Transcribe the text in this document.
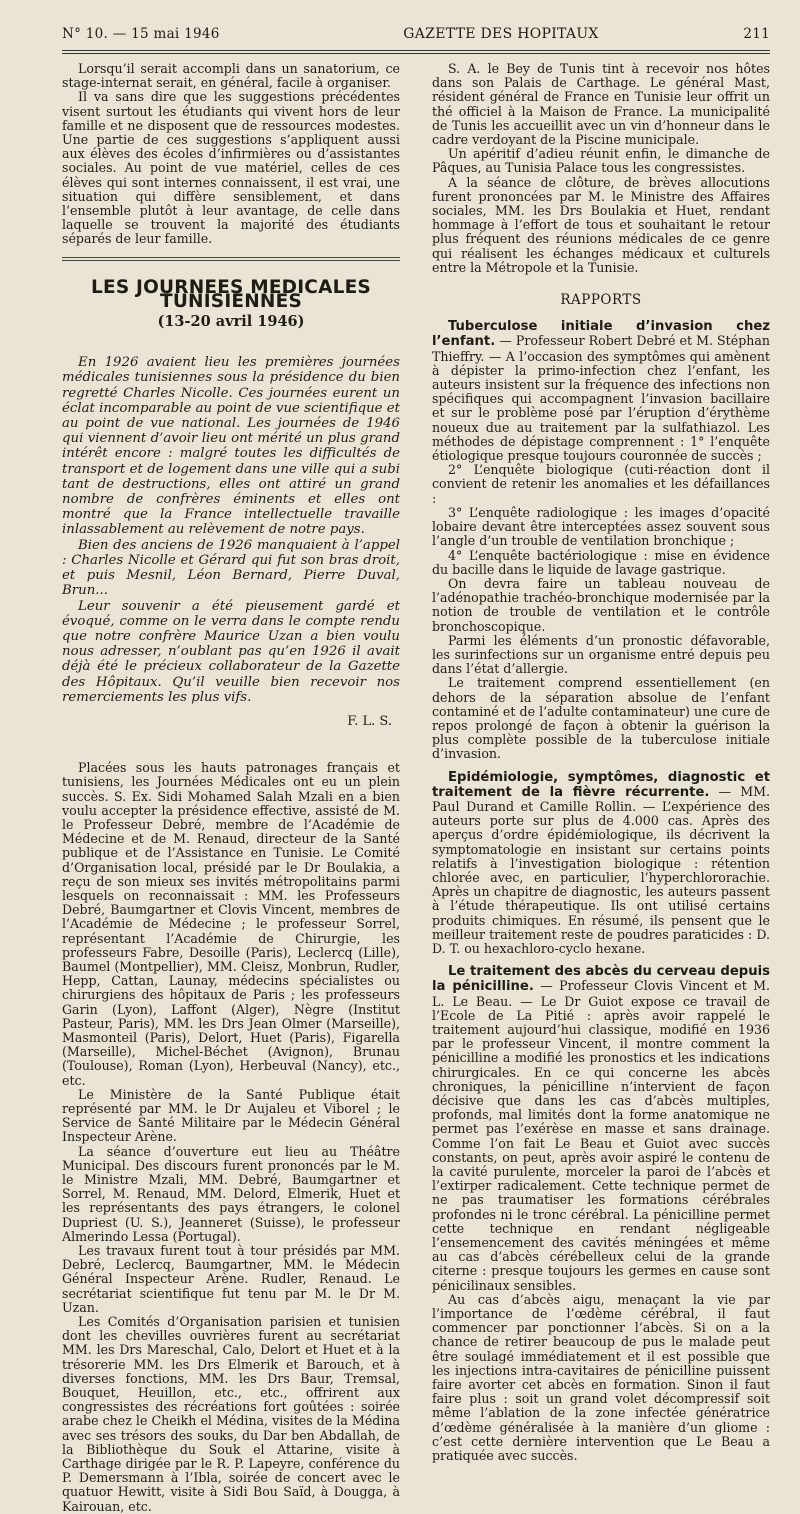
N° 10. — 15 mai 1946	GAZETTE DES HOPITAUX	211

Lorsqu’il serait accompli dans un sanatorium, ce stage-internat serait, en général, facile à organiser.

Il va sans dire que les suggestions précédentes visent surtout les étudiants qui vivent hors de leur famille et ne disposent que de ressources modestes. Une partie de ces suggestions s’appliquent aussi aux élèves des écoles d’infirmières ou d’assistantes sociales. Au point de vue matériel, celles de ces élèves qui sont internes connaissent, il est vrai, une situation qui diffère sensiblement, et dans l’ensemble plutôt à leur avantage, de celle dans laquelle se trouvent la majorité des étudiants séparés de leur famille.

LES JOURNEES MEDICALES TUNISIENNES
(13-20 avril 1946)

En 1926 avaient lieu les premières journées médicales tunisiennes sous la présidence du bien regretté Charles Nicolle. Ces journées eurent un éclat incomparable au point de vue scientifique et au point de vue national. Les journées de 1946 qui viennent d’avoir lieu ont mérité un plus grand intérêt encore : malgré toutes les difficultés de transport et de logement dans une ville qui a subi tant de destructions, elles ont attiré un grand nombre de confrères éminents et elles ont montré que la France intellectuelle travaille inlassablement au relèvement de notre pays.

Bien des anciens de 1926 manquaient à l’appel : Charles Nicolle et Gérard qui fut son bras droit, et puis Mesnil, Léon Bernard, Pierre Duval, Brun...

Leur souvenir a été pieusement gardé et évoqué, comme on le verra dans le compte rendu que notre confrère Maurice Uzan a bien voulu nous adresser, n’oublant pas qu’en 1926 il avait déjà été le précieux collaborateur de la Gazette des Hôpitaux. Qu’il veuille bien recevoir nos remerciements les plus vifs.

F. L. S.

Placées sous les hauts patronages français et tunisiens, les Journées Médicales ont eu un plein succès. S. Ex. Sidi Mohamed Salah Mzali en a bien voulu accepter la présidence effective, assisté de M. le Professeur Debré, membre de l’Académie de Médecine et de M. Renaud, directeur de la Santé publique et de l’Assistance en Tunisie. Le Comité d’Organisation local, présidé par le Dr Boulakia, a reçu de son mieux ses invités métropolitains parmi lesquels on reconnaissait : MM. les Professeurs Debré, Baumgartner et Clovis Vincent, membres de l’Académie de Médecine ; le professeur Sorrel, représentant l’Académie de Chirurgie, les professeurs Fabre, Desoille (Paris), Leclercq (Lille), Baumel (Montpellier), MM. Cleisz, Monbrun, Rudler, Hepp, Cattan, Launay, médecins spécialistes ou chirurgiens des hôpitaux de Paris ; les professeurs Garin (Lyon), Laffont (Alger), Nègre (Institut Pasteur, Paris), MM. les Drs Jean Olmer (Marseille), Masmonteil (Paris), Delort, Huet (Paris), Figarella (Marseille), Michel-Béchet (Avignon), Brunau (Toulouse), Roman (Lyon), Herbeuval (Nancy), etc., etc.

Le Ministère de la Santé Publique était représenté par MM. le Dr Aujaleu et Viborel ; le Service de Santé Militaire par le Médecin Général Inspecteur Arène.

La séance d’ouverture eut lieu au Théâtre Municipal. Des discours furent prononcés par le M. le Ministre Mzali, MM. Debré, Baumgartner et Sorrel, M. Renaud, MM. Delord, Elmerik, Huet et les représentants des pays étrangers, le colonel Dupriest (U. S.), Jeanneret (Suisse), le professeur Almerindo Lessa (Portugal).

Les travaux furent tout à tour présidés par MM. Debré, Leclercq, Baumgartner, MM. le Médecin Général Inspecteur Arène. Rudler, Renaud. Le secrétariat scientifique fut tenu par M. le Dr M. Uzan.

Les Comités d’Organisation parisien et tunisien dont les chevilles ouvrières furent au secrétariat MM. les Drs Mareschal, Calo, Delort et Huet et à la trésorerie MM. les Drs Elmerik et Barouch, et à diverses fonctions, MM. les Drs Baur, Tremsal, Bouquet, Heuillon, etc., etc., offrirent aux congressistes des récréations fort goûtées : soirée arabe chez le Cheikh el Médina, visites de la Médina avec ses trésors des souks, du Dar ben Abdallah, de la Bibliothèque du Souk el Attarine, visite à Carthage dirigée par le R. P. Lapeyre, conférence du P. Demersmann à l’Ibla, soirée de concert avec le quatuor Hewitt, visite à Sidi Bou Saïd, à Dougga, à Kairouan, etc.

S. A. le Bey de Tunis tint à recevoir nos hôtes dans son Palais de Carthage. Le général Mast, résident général de France en Tunisie leur offrit un thé officiel à la Maison de France. La municipalité de Tunis les accueillit avec un vin d’honneur dans le cadre verdoyant de la Piscine municipale.

Un apéritif d’adieu réunit enfin, le dimanche de Pâques, au Tunisia Palace tous les congressistes.

A la séance de clôture, de brèves allocutions furent prononcées par M. le Ministre des Affaires sociales, MM. les Drs Boulakia et Huet, rendant hommage à l’effort de tous et souhaitant le retour plus fréquent des réunions médicales de ce genre qui réalisent les échanges médicaux et culturels entre la Métropole et la Tunisie.

RAPPORTS

Tuberculose initiale d’invasion chez l’enfant. — Professeur Robert Debré et M. Stéphan Thieffry. — A l’occasion des symptômes qui amènent à dépister la primo-infection chez l’enfant, les auteurs insistent sur la fréquence des infections non spécifiques qui accompagnent l’invasion bacillaire et sur le problème posé par l’éruption d’érythème noueux due au traitement par la sulfathiazol. Les méthodes de dépistage comprennent : 1° l’enquête étiologique presque toujours couronnée de succès ;

2° L’enquête biologique (cuti-réaction dont il convient de retenir les anomalies et les défaillances :

3° L’enquête radiologique : les images d’opacité lobaire devant être interceptées assez souvent sous l’angle d’un trouble de ventilation bronchique ;

4° L’enquête bactériologique : mise en évidence du bacille dans le liquide de lavage gastrique.

On devra faire un tableau nouveau de l’adénopathie trachéo-bronchique modernisée par la notion de trouble de ventilation et le contrôle bronchoscopique.

Parmi les éléments d’un pronostic défavorable, les surinfections sur un organisme entré depuis peu dans l’état d’allergie.

Le traitement comprend essentiellement (en dehors de la séparation absolue de l’enfant contaminé et de l’adulte contaminateur) une cure de repos prolongé de façon à obtenir la guérison la plus complète possible de la tuberculose initiale d’invasion.

Epidémiologie, symptômes, diagnostic et traitement de la fièvre récurrente. — MM. Paul Durand et Camille Rollin. — L’expérience des auteurs porte sur plus de 4.000 cas. Après des aperçus d’ordre épidémiologique, ils décrivent la symptomatologie en insistant sur certains points relatifs à l’investigation biologique : rétention chlorée avec, en particulier, l’hyperchlororachie. Après un chapitre de diagnostic, les auteurs passent à l’étude thérapeutique. Ils ont utilisé certains produits chimiques. En résumé, ils pensent que le meilleur traitement reste de poudres paraticides : D. D. T. ou hexachloro-cyclo hexane.

Le traitement des abcès du cerveau depuis la pénicilline. — Professeur Clovis Vincent et M. L. Le Beau. — Le Dr Guiot expose ce travail de l’Ecole de La Pitié : après avoir rappelé le traitement aujourd’hui classique, modifié en 1936 par le professeur Vincent, il montre comment la pénicilline a modifié les pronostics et les indications chirurgicales. En ce qui concerne les abcès chroniques, la pénicilline n’intervient de façon décisive que dans les cas d’abcès multiples, profonds, mal limités dont la forme anatomique ne permet pas l’exérèse en masse et sans drainage. Comme l’on fait Le Beau et Guiot avec succès constants, on peut, après avoir aspiré le contenu de la cavité purulente, morceler la paroi de l’abcès et l’extirper radicalement. Cette technique permet de ne pas traumatiser les formations cérébrales profondes ni le tronc cérébral. La pénicilline permet cette technique en rendant négligeable l’ensemencement des cavités méningées et même au cas d’abcès cérébelleux celui de la grande citerne : presque toujours les germes en cause sont pénicilinaux sensibles.

Au cas d’abcès aigu, menaçant la vie par l’importance de l’œdème cérébral, il faut commencer par ponctionner l’abcès. Si on a la chance de retirer beaucoup de pus le malade peut être soulagé immédiatement et il est possible que les injections intra-cavitaires de pénicilline puissent faire avorter cet abcès en formation. Sinon il faut faire plus : soit un grand volet décompressif soit même l’ablation de la zone infectée génératrice d’œdème généralisée à la manière d’un gliome : c’est cette dernière intervention que Le Beau a pratiquée avec succès.
